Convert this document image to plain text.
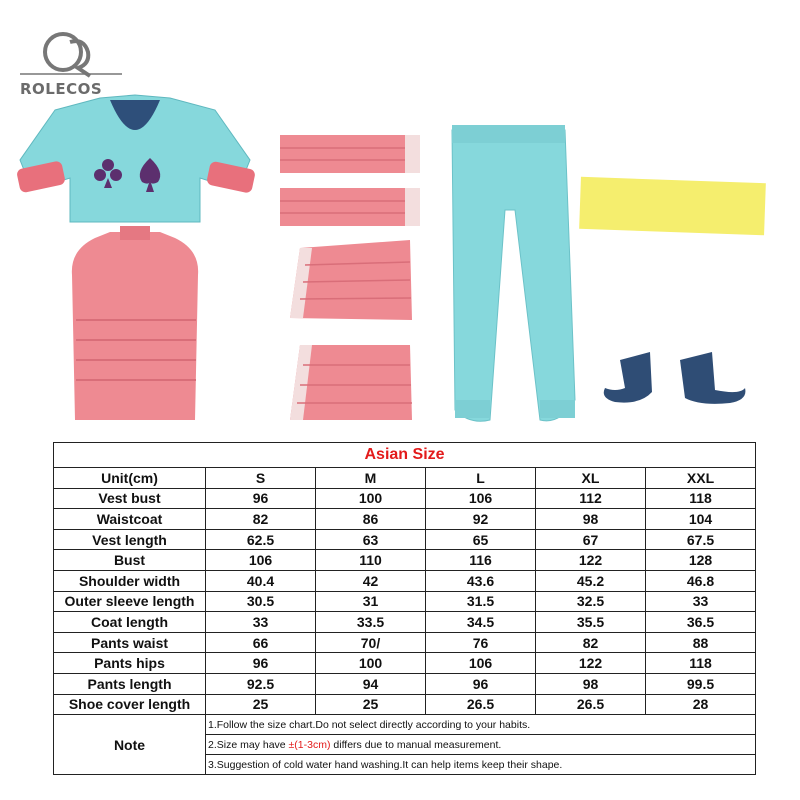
ROLECOS
Asian Size					
Unit(cm)	S	M	L	XL	XXL
Vest bust	96	100	106	112	118
Waistcoat	82	86	92	98	104
Vest length	62.5	63	65	67	67.5
Bust	106	110	116	122	128
Shoulder width	40.4	42	43.6	45.2	46.8
Outer sleeve length	30.5	31	31.5	32.5	33
Coat length	33	33.5	34.5	35.5	36.5
Pants waist	66	70/	76	82	88
Pants hips	96	100	106	122	118
Pants length	92.5	94	96	98	99.5
Shoe cover length	25	25	26.5	26.5	28
Note	1.Follow the size chart.Do not select directly according to your habits.				
	2.Size may have ±(1-3cm) differs due to manual measurement.				
	3.Suggestion of cold water hand washing.It can help items keep their shape.				
